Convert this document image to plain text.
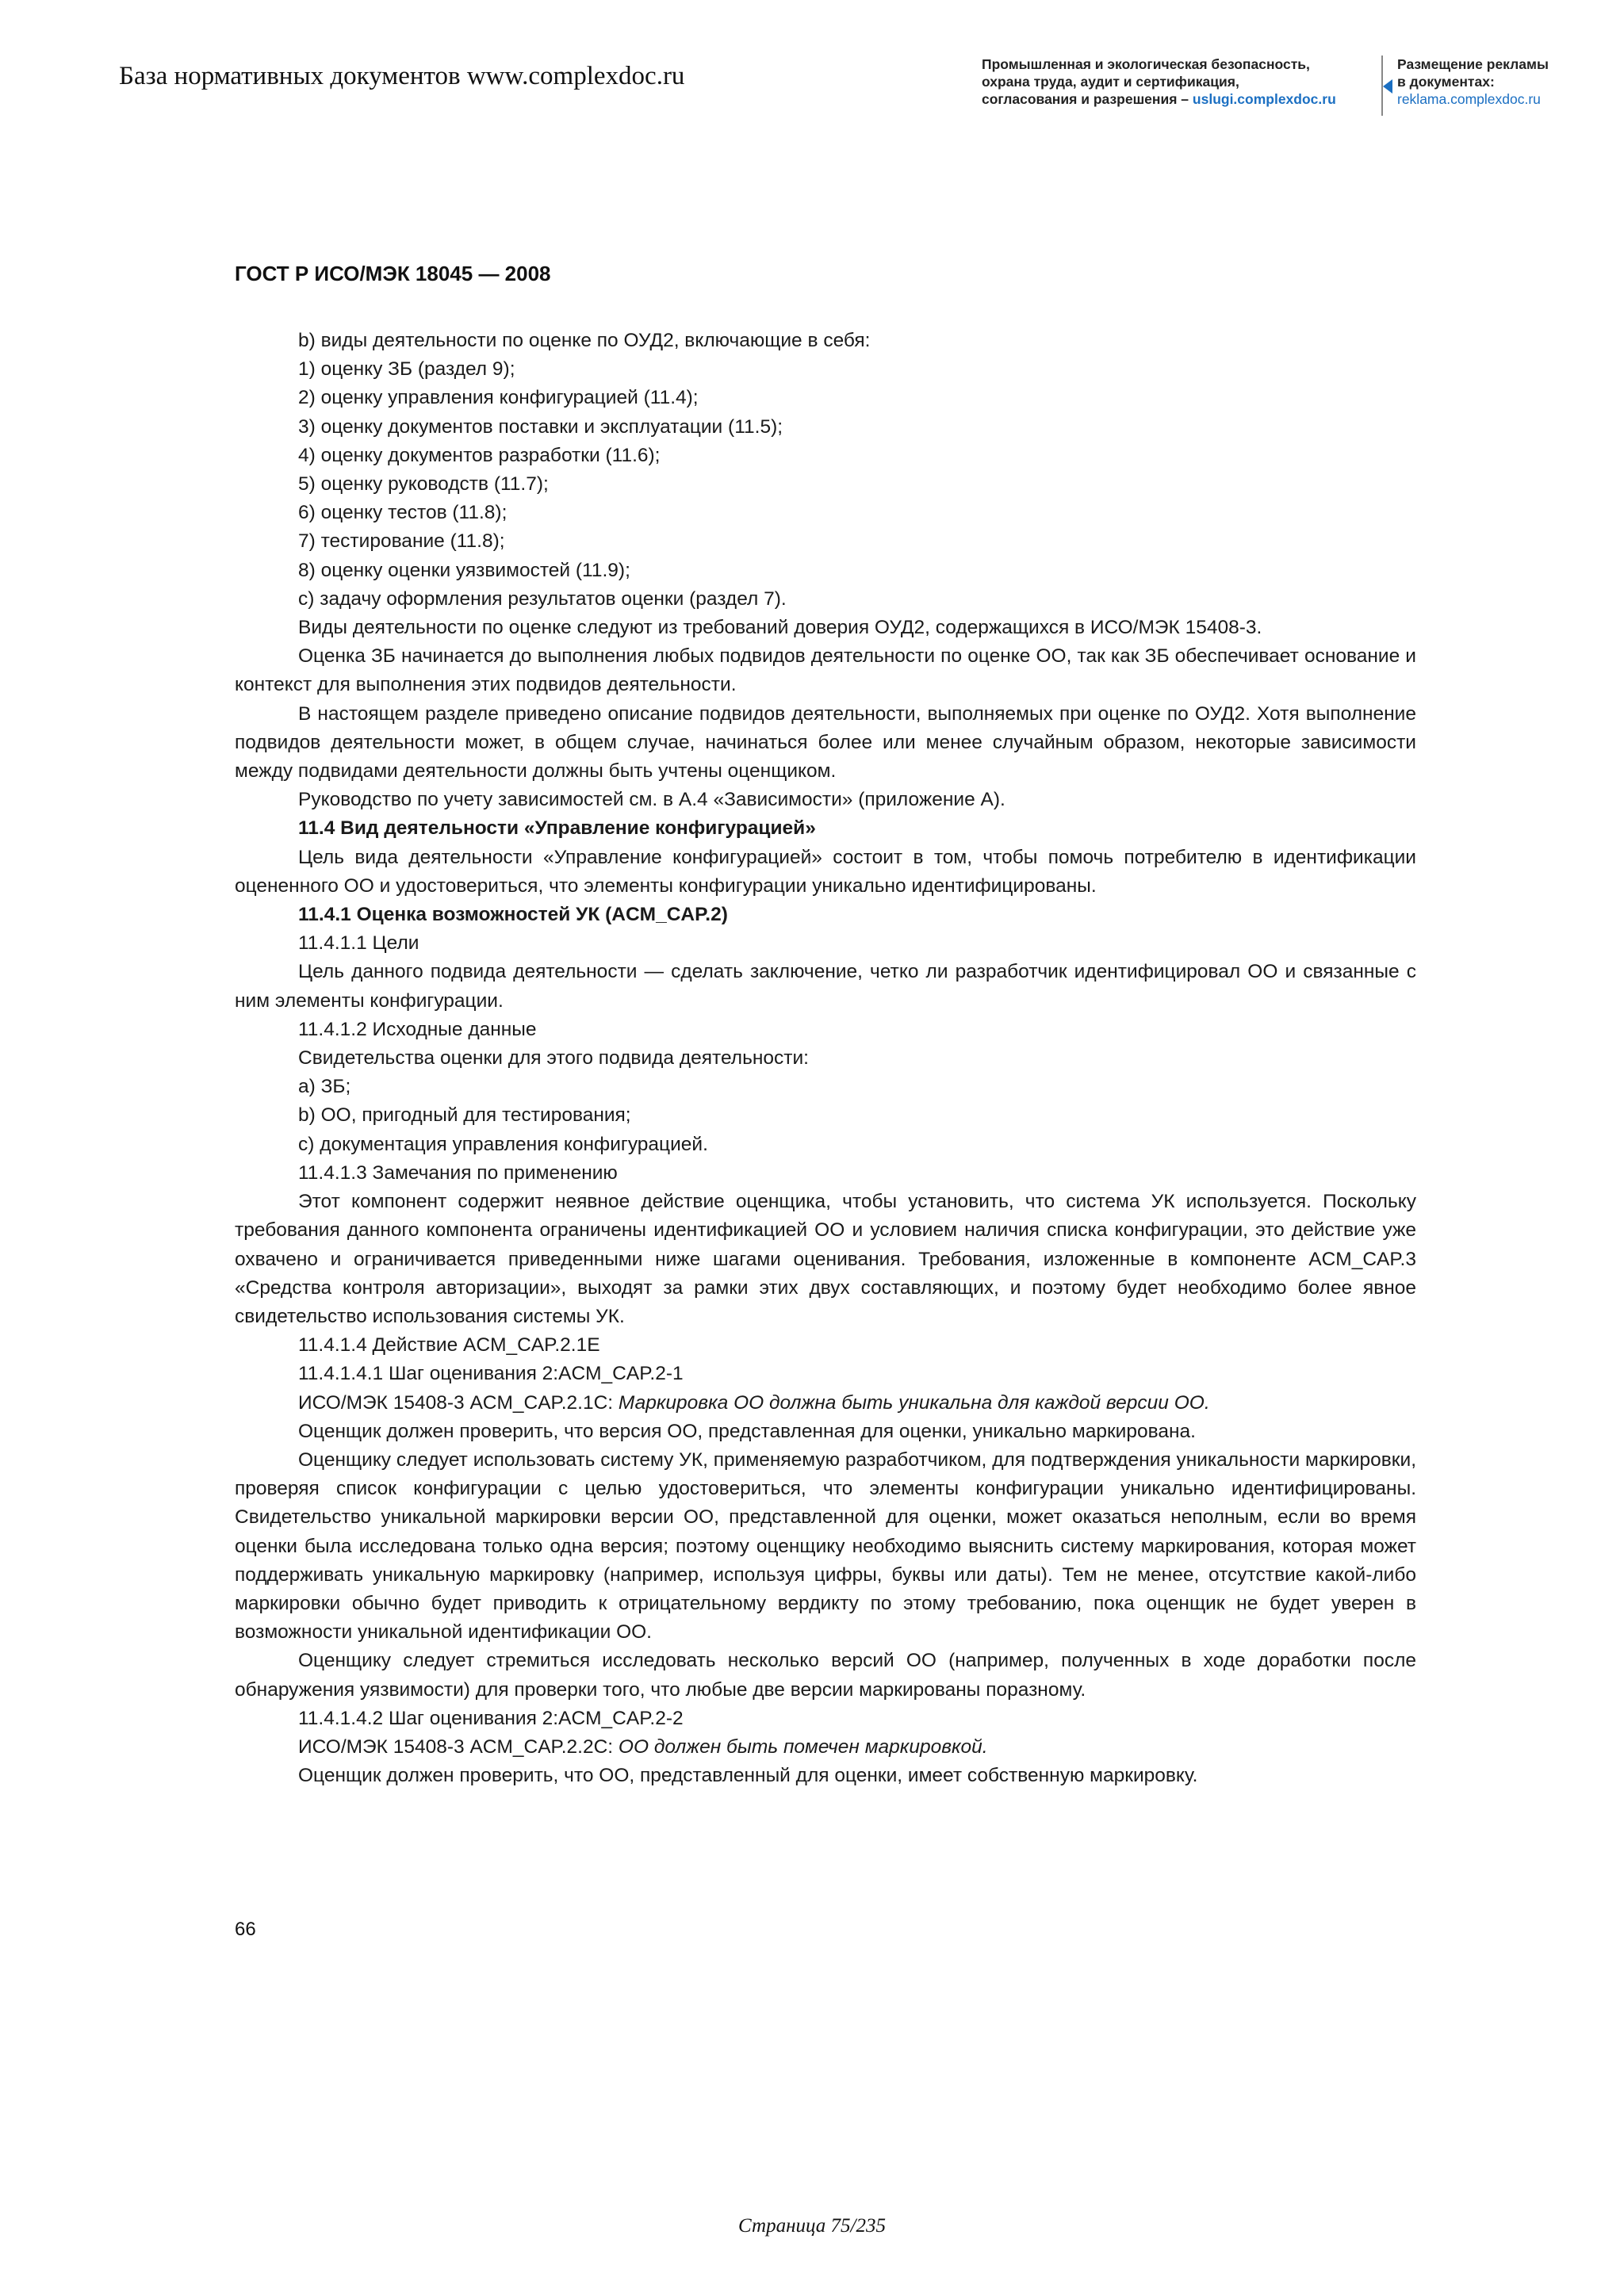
База нормативных документов www.complexdoc.ru	Промышленная и экологическая безопасность,
охрана труда, аудит и сертификация,
согласования и разрешения – uslugi.complexdoc.ru
Размещение рекламы
в документах:
reklama.complexdoc.ru
ГОСТ Р ИСО/МЭК 18045 — 2008

b) виды деятельности по оценке по ОУД2, включающие в себя:

1) оценку ЗБ (раздел 9);

2) оценку управления конфигурацией (11.4);

3) оценку документов поставки и эксплуатации (11.5);

4) оценку документов разработки (11.6);

5) оценку руководств (11.7);

6) оценку тестов (11.8);

7) тестирование (11.8);

8) оценку оценки уязвимостей (11.9);

c) задачу оформления результатов оценки (раздел 7).

Виды деятельности по оценке следуют из требований доверия ОУД2, содержащихся в ИСО/МЭК 15408-3.

Оценка ЗБ начинается до выполнения любых подвидов деятельности по оценке ОО, так как ЗБ обеспечивает основание и контекст для выполнения этих подвидов деятельности.

В настоящем разделе приведено описание подвидов деятельности, выполняемых при оценке по ОУД2. Хотя выполнение подвидов деятельности может, в общем случае, начинаться более или менее случайным образом, некоторые зависимости между подвидами деятельности должны быть учтены оценщиком.

Руководство по учету зависимостей см. в А.4 «Зависимости» (приложение А).

11.4 Вид деятельности «Управление конфигурацией»

Цель вида деятельности «Управление конфигурацией» состоит в том, чтобы помочь потребителю в идентификации оцененного ОО и удостовериться, что элементы конфигурации уникально идентифицированы.

11.4.1 Оценка возможностей УК (ACM_CAP.2)

11.4.1.1 Цели

Цель данного подвида деятельности — сделать заключение, четко ли разработчик идентифицировал ОО и связанные с ним элементы конфигурации.

11.4.1.2 Исходные данные

Свидетельства оценки для этого подвида деятельности:

a) ЗБ;

b) ОО, пригодный для тестирования;

c) документация управления конфигурацией.

11.4.1.3 Замечания по применению

Этот компонент содержит неявное действие оценщика, чтобы установить, что система УК используется. Поскольку требования данного компонента ограничены идентификацией ОО и условием наличия списка конфигурации, это действие уже охвачено и ограничивается приведенными ниже шагами оценивания. Требования, изложенные в компоненте ACM_CAP.3 «Средства контроля авторизации», выходят за рамки этих двух составляющих, и поэтому будет необходимо более явное свидетельство использования системы УК.

11.4.1.4 Действие ACM_CAP.2.1E

11.4.1.4.1 Шаг оценивания 2:ACM_CAP.2-1

ИСО/МЭК 15408-3 ACM_CAP.2.1C: Маркировка ОО должна быть уникальна для каждой версии ОО.

Оценщик должен проверить, что версия ОО, представленная для оценки, уникально маркирована.

Оценщику следует использовать систему УК, применяемую разработчиком, для подтверждения уникальности маркировки, проверяя список конфигурации с целью удостовериться, что элементы конфигурации уникально идентифицированы. Свидетельство уникальной маркировки версии ОО, представленной для оценки, может оказаться неполным, если во время оценки была исследована только одна версия; поэтому оценщику необходимо выяснить систему маркирования, которая может поддерживать уникальную маркировку (например, используя цифры, буквы или даты). Тем не менее, отсутствие какой-либо маркировки обычно будет приводить к отрицательному вердикту по этому требованию, пока оценщик не будет уверен в возможности уникальной идентификации ОО.

Оценщику следует стремиться исследовать несколько версий ОО (например, полученных в ходе доработки после обнаружения уязвимости) для проверки того, что любые две версии маркированы поразному.

11.4.1.4.2 Шаг оценивания 2:ACM_CAP.2-2

ИСО/МЭК 15408-3 ACM_CAP.2.2C: ОО должен быть помечен маркировкой.

Оценщик должен проверить, что ОО, представленный для оценки, имеет собственную маркировку.

66
Страница 75/235
